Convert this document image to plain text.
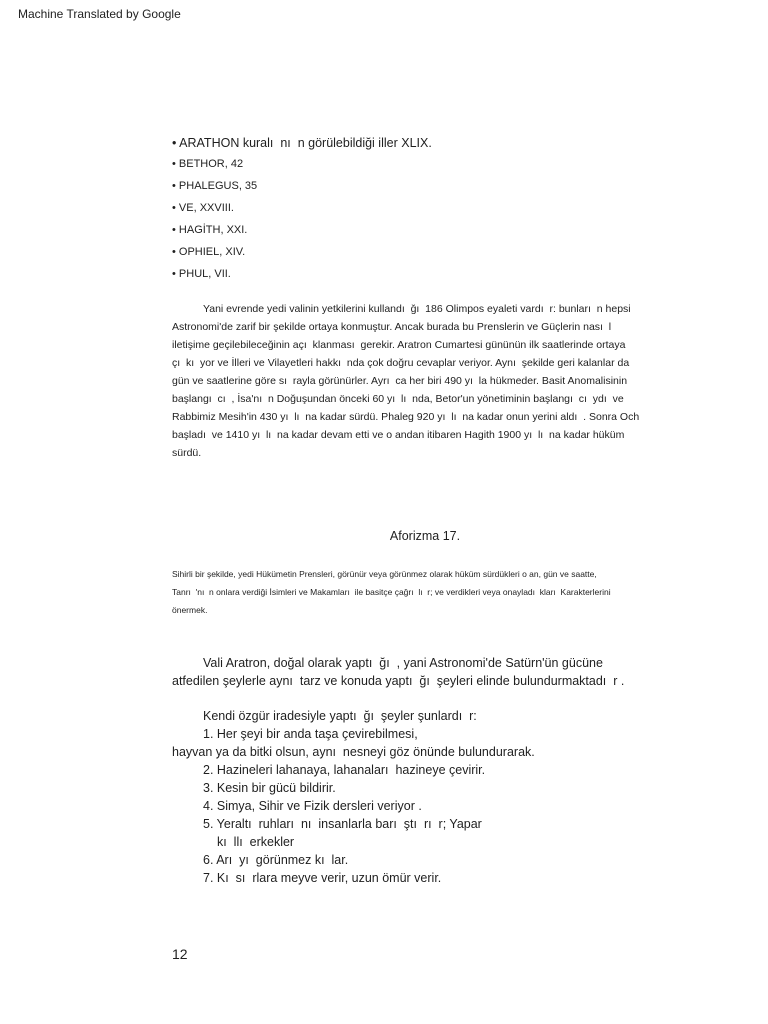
Machine Translated by Google
• ARATHON kuralı  nı  n görülebildiği iller XLIX.
• BETHOR, 42
• PHALEGUS, 35
• VE, XXVIII.
• HAGİTH, XXI.
• OPHIEL, XIV.
• PHUL, VII.
Yani evrende yedi valinin yetkilerini kullandı  ğı  186 Olimpos eyaleti vardı  r: bunları  n hepsi
Astronomi'de zarif bir şekilde ortaya konmuştur. Ancak burada bu Prenslerin ve Güçlerin nası  l
iletişime geçilebileceğinin açı  klanması  gerekir. Aratron Cumartesi gününün ilk saatlerinde ortaya
çı  kı  yor ve İlleri ve Vilayetleri hakkı  nda çok doğru cevaplar veriyor. Aynı  şekilde geri kalanlar da
gün ve saatlerine göre sı  rayla görünürler. Ayrı  ca her biri 490 yı  la hükmeder. Basit Anomalisinin
başlangı  cı  , İsa'nı  n Doğuşundan önceki 60 yı  lı  nda, Betor'un yönetiminin başlangı  cı  ydı  ve
Rabbimiz Mesih'in 430 yı  lı  na kadar sürdü. Phaleg 920 yı  lı  na kadar onun yerini aldı  . Sonra Och
başladı  ve 1410 yı  lı  na kadar devam etti ve o andan itibaren Hagith 1900 yı  lı  na kadar hüküm
sürdü.
Aforizma 17.
Sihirli bir şekilde, yedi Hükümetin Prensleri, görünür veya görünmez olarak hüküm sürdükleri o an, gün ve saatte,
Tanrı  'nı  n onlara verdiği İsimleri ve Makamları  ile basitçe çağrı  lı  r; ve verdikleri veya onayladı  kları  Karakterlerini
önermek.
Vali Aratron, doğal olarak yaptı  ğı  , yani Astronomi'de Satürn'ün gücüne
atfedilen şeylerle aynı  tarz ve konuda yaptı  ğı  şeyleri elinde bulundurmaktadı  r .
Kendi özgür iradesiyle yaptı  ğı  şeyler şunlardı  r:
1. Her şeyi bir anda taşa çevirebilmesi,
hayvan ya da bitki olsun, aynı  nesneyi göz önünde bulundurarak.
2. Hazineleri lahanaya, lahanaları  hazineye çevirir.
3. Kesin bir gücü bildirir.
4. Simya, Sihir ve Fizik dersleri veriyor .
5. Yeraltı  ruhları  nı  insanlarla barı  ştı  rı  r; Yapar
kı  llı  erkekler
6. Arı  yı  görünmez kı  lar.
7. Kı  sı  rlara meyve verir, uzun ömür verir.
12
